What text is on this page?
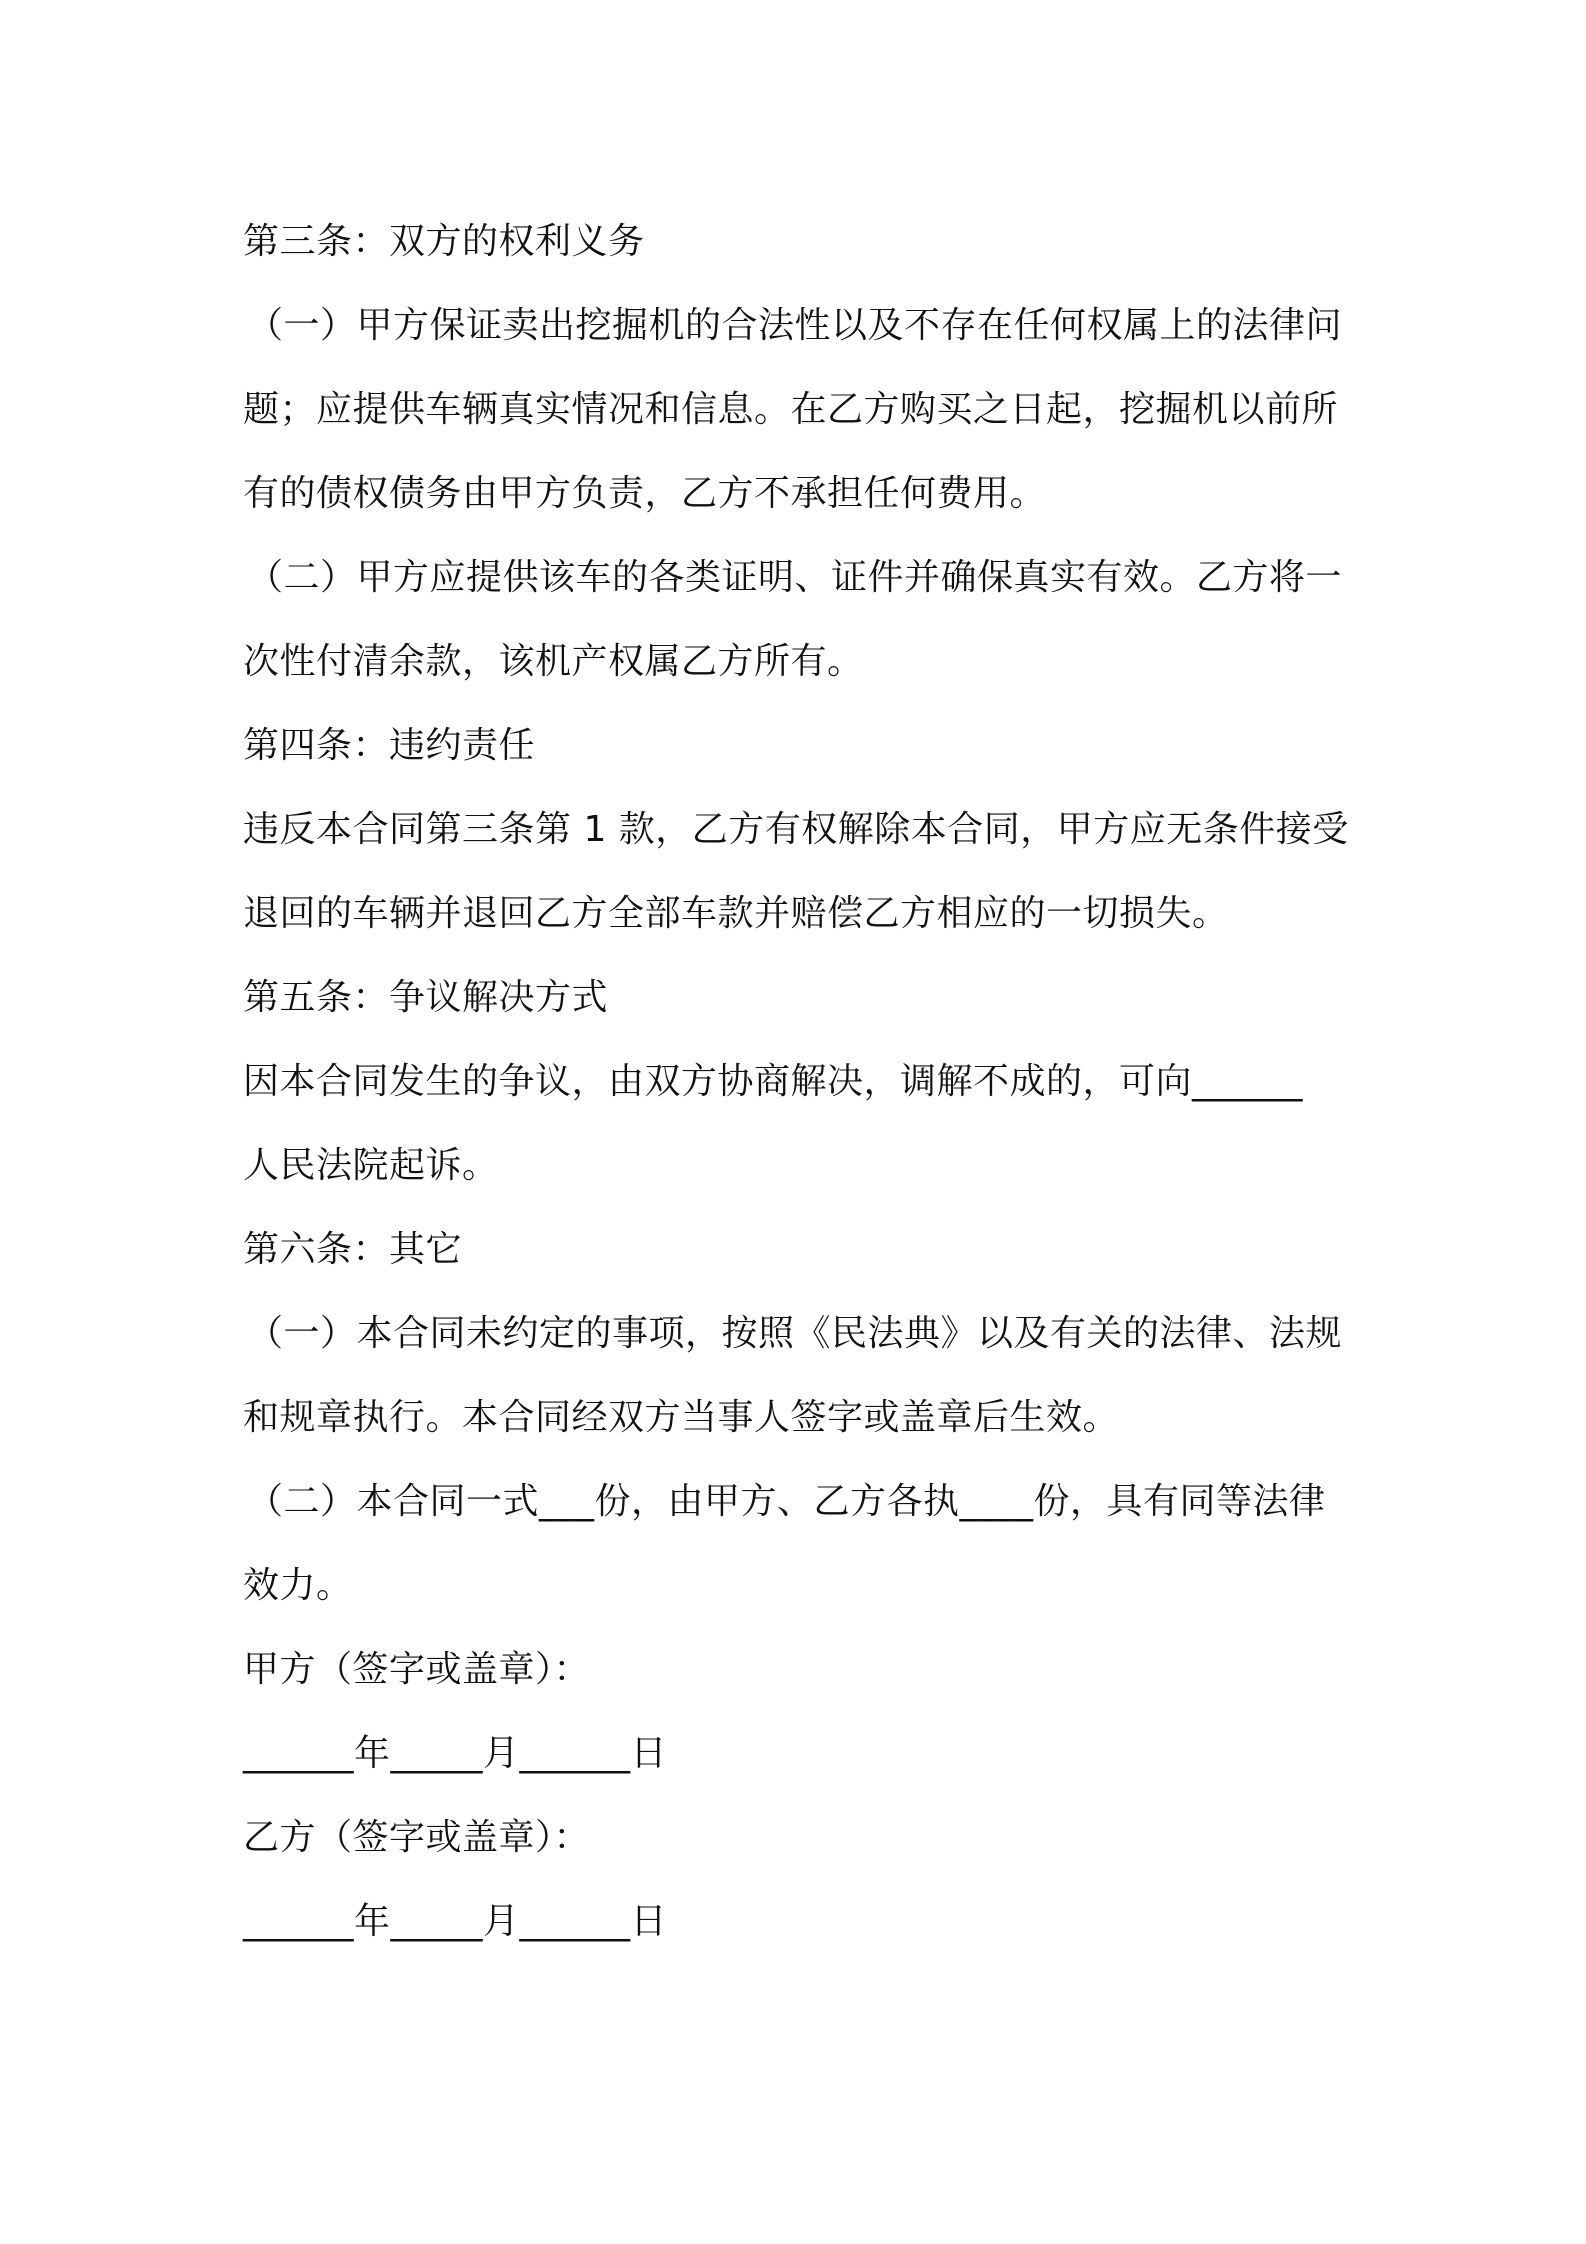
第三条：双方的权利义务

（一）甲方保证卖出挖掘机的合法性以及不存在任何权属上的法律问

题；应提供车辆真实情况和信息。在乙方购买之日起，挖掘机以前所

有的债权债务由甲方负责，乙方不承担任何费用。

（二）甲方应提供该车的各类证明、证件并确保真实有效。乙方将一

次性付清余款，该机产权属乙方所有。

第四条：违约责任

违反本合同第三条第 1 款，乙方有权解除本合同，甲方应无条件接受

退回的车辆并退回乙方全部车款并赔偿乙方相应的一切损失。

第五条：争议解决方式

因本合同发生的争议，由双方协商解决，调解不成的，可向______

人民法院起诉。

第六条：其它

（一）本合同未约定的事项，按照《民法典》以及有关的法律、法规

和规章执行。本合同经双方当事人签字或盖章后生效。

（二）本合同一式___份，由甲方、乙方各执____份，具有同等法律

效力。

甲方（签字或盖章）：

______年_____月______日

乙方（签字或盖章）：

______年_____月______日
